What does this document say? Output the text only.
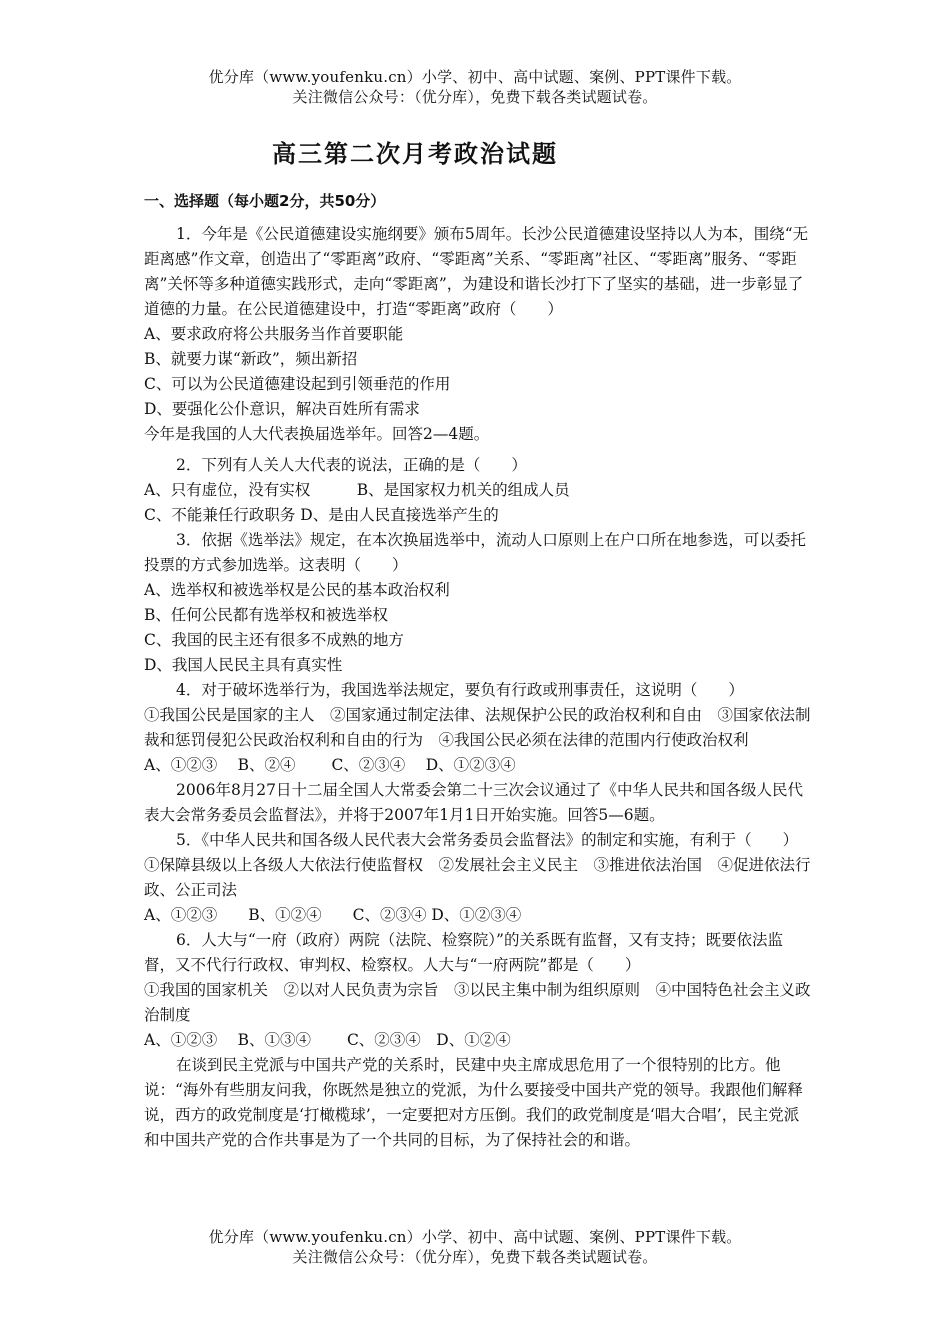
优分库（www.youfenku.cn）小学、初中、高中试题、案例、PPT课件下载。
关注微信公众号：（优分库），免费下载各类试题试卷。
高三第二次月考政治试题
一、选择题（每小题2分，共50分）

1．今年是《公民道德建设实施纲要》颁布5周年。长沙公民道德建设坚持以人为本，围绕“无距离感”作文章，创造出了“零距离”政府、“零距离”关系、“零距离”社区、“零距离”服务、“零距离”关怀等多种道德实践形式，走向“零距离”，为建设和谐长沙打下了坚实的基础，进一步彰显了道德的力量。在公民道德建设中，打造“零距离”政府（　　）

A、要求政府将公共服务当作首要职能

B、就要力谋“新政”，频出新招

C、可以为公民道德建设起到引领垂范的作用

D、要强化公仆意识，解决百姓所有需求

今年是我国的人大代表换届选举年。回答2—4题。

2．下列有人关人大代表的说法，正确的是（　　）

A、只有虚位，没有实权　　　B、是国家权力机关的组成人员

C、不能兼任行政职务 D、是由人民直接选举产生的

3．依据《选举法》规定，在本次换届选举中，流动人口原则上在户口所在地参选，可以委托投票的方式参加选举。这表明（　　）

A、选举权和被选举权是公民的基本政治权利

B、任何公民都有选举权和被选举权

C、我国的民主还有很多不成熟的地方

D、我国人民民主具有真实性

4．对于破坏选举行为，我国选举法规定，要负有行政或刑事责任，这说明（　　）

①我国公民是国家的主人　②国家通过制定法律、法规保护公民的政治权利和自由　③国家依法制裁和惩罚侵犯公民政治权利和自由的行为　④我国公民必须在法律的范围内行使政治权利

A、①②③　 B、②④　　 C、②③④　 D、①②③④

2006年8月27日十二届全国人大常委会第二十三次会议通过了《中华人民共和国各级人民代表大会常务委员会监督法》，并将于2007年1月1日开始实施。回答5—6题。

5．《中华人民共和国各级人民代表大会常务委员会监督法》的制定和实施，有利于（　　）

①保障县级以上各级人大依法行使监督权　②发展社会主义民主　③推进依法治国　④促进依法行政、公正司法

A、①②③　　B、①②④　　C、②③④ D、①②③④

6．人大与“一府（政府）两院（法院、检察院）”的关系既有监督，又有支持；既要依法监督，又不代行行政权、审判权、检察权。人大与“一府两院”都是（　　）

①我国的国家机关　②以对人民负责为宗旨　③以民主集中制为组织原则　④中国特色社会主义政治制度

A、①②③　 B、①③④　　 C、②③④　D、①②④

在谈到民主党派与中国共产党的关系时，民建中央主席成思危用了一个很特别的比方。他说：“海外有些朋友问我，你既然是独立的党派，为什么要接受中国共产党的领导。我跟他们解释说，西方的政党制度是‘打橄榄球’，一定要把对方压倒。我们的政党制度是‘唱大合唱’，民主党派和中国共产党的合作共事是为了一个共同的目标，为了保持社会的和谐。

优分库（www.youfenku.cn）小学、初中、高中试题、案例、PPT课件下载。
关注微信公众号：（优分库），免费下载各类试题试卷。
